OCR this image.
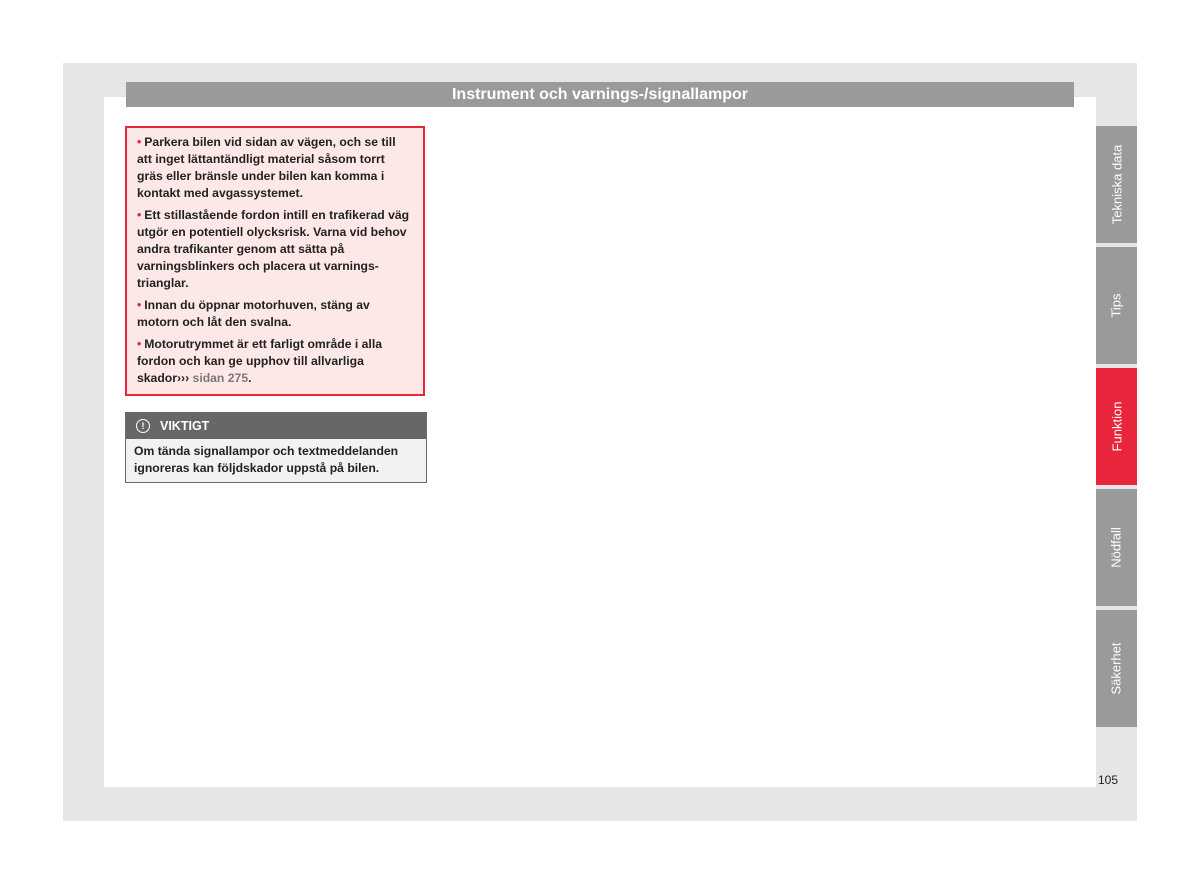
Instrument och varnings-/signallampor

• Parkera bilen vid sidan av vägen, och se till att inget lättantändligt material såsom torrt gräs eller bränsle under bilen kan komma i kontakt med avgassystemet.

• Ett stillastående fordon intill en trafikerad väg utgör en potentiell olycksrisk. Varna vid behov andra trafikanter genom att sätta på varningsblinkers och placera ut varnings-trianglar.

• Innan du öppnar motorhuven, stäng av motorn och låt den svalna.

• Motorutrymmet är ett farligt område i alla fordon och kan ge upphov till allvarliga skador››› sidan 275.

!	VIKTIGT
Om tända signallampor och textmeddelanden ignoreras kan följdskador uppstå på bilen.
Tekniska data
Tips
Funktion
Nödfall
Säkerhet
105
